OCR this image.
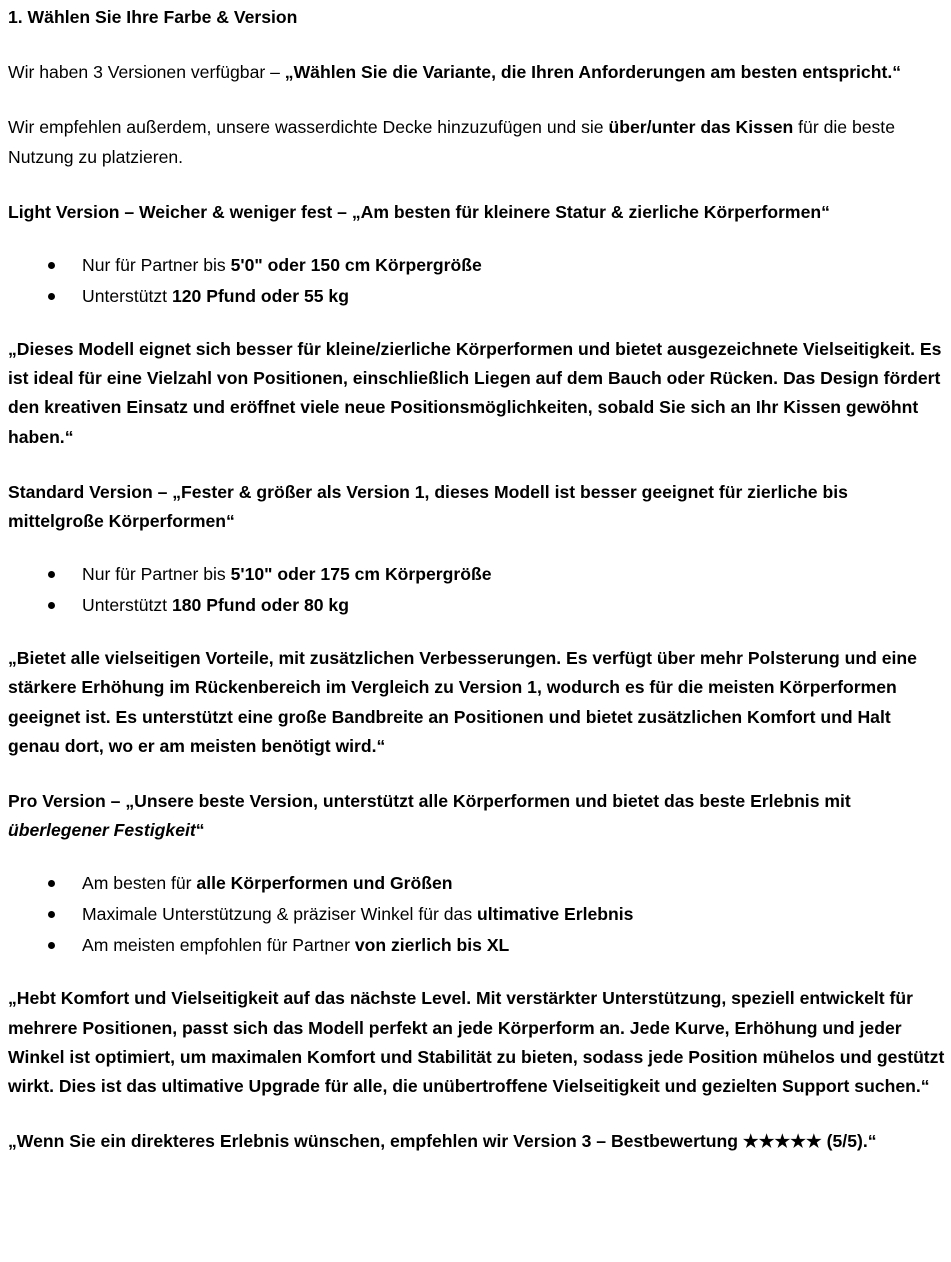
1. Wählen Sie Ihre Farbe & Version

Wir haben 3 Versionen verfügbar – „Wählen Sie die Variante, die Ihren Anforderungen am besten entspricht.“

Wir empfehlen außerdem, unsere wasserdichte Decke hinzuzufügen und sie über/unter das Kissen für die beste Nutzung zu platzieren.

Light Version – Weicher & weniger fest – „Am besten für kleinere Statur & zierliche Körperformen“

Nur für Partner bis 5'0" oder 150 cm Körpergröße
Unterstützt 120 Pfund oder 55 kg

„Dieses Modell eignet sich besser für kleine/zierliche Körperformen und bietet ausgezeichnete Vielseitigkeit. Es ist ideal für eine Vielzahl von Positionen, einschließlich Liegen auf dem Bauch oder Rücken. Das Design fördert den kreativen Einsatz und eröffnet viele neue Positionsmöglichkeiten, sobald Sie sich an Ihr Kissen gewöhnt haben.“

Standard Version – „Fester & größer als Version 1, dieses Modell ist besser geeignet für zierliche bis mittelgroße Körperformen“

Nur für Partner bis 5'10" oder 175 cm Körpergröße
Unterstützt 180 Pfund oder 80 kg

„Bietet alle vielseitigen Vorteile, mit zusätzlichen Verbesserungen. Es verfügt über mehr Polsterung und eine stärkere Erhöhung im Rückenbereich im Vergleich zu Version 1, wodurch es für die meisten Körperformen geeignet ist. Es unterstützt eine große Bandbreite an Positionen und bietet zusätzlichen Komfort und Halt genau dort, wo er am meisten benötigt wird.“

Pro Version – „Unsere beste Version, unterstützt alle Körperformen und bietet das beste Erlebnis mit überlegener Festigkeit“

Am besten für alle Körperformen und Größen
Maximale Unterstützung & präziser Winkel für das ultimative Erlebnis
Am meisten empfohlen für Partner von zierlich bis XL

„Hebt Komfort und Vielseitigkeit auf das nächste Level. Mit verstärkter Unterstützung, speziell entwickelt für mehrere Positionen, passt sich das Modell perfekt an jede Körperform an. Jede Kurve, Erhöhung und jeder Winkel ist optimiert, um maximalen Komfort und Stabilität zu bieten, sodass jede Position mühelos und gestützt wirkt. Dies ist das ultimative Upgrade für alle, die unübertroffene Vielseitigkeit und gezielten Support suchen.“

„Wenn Sie ein direkteres Erlebnis wünschen, empfehlen wir Version 3 – Bestbewertung ★★★★★ (5/5).“
